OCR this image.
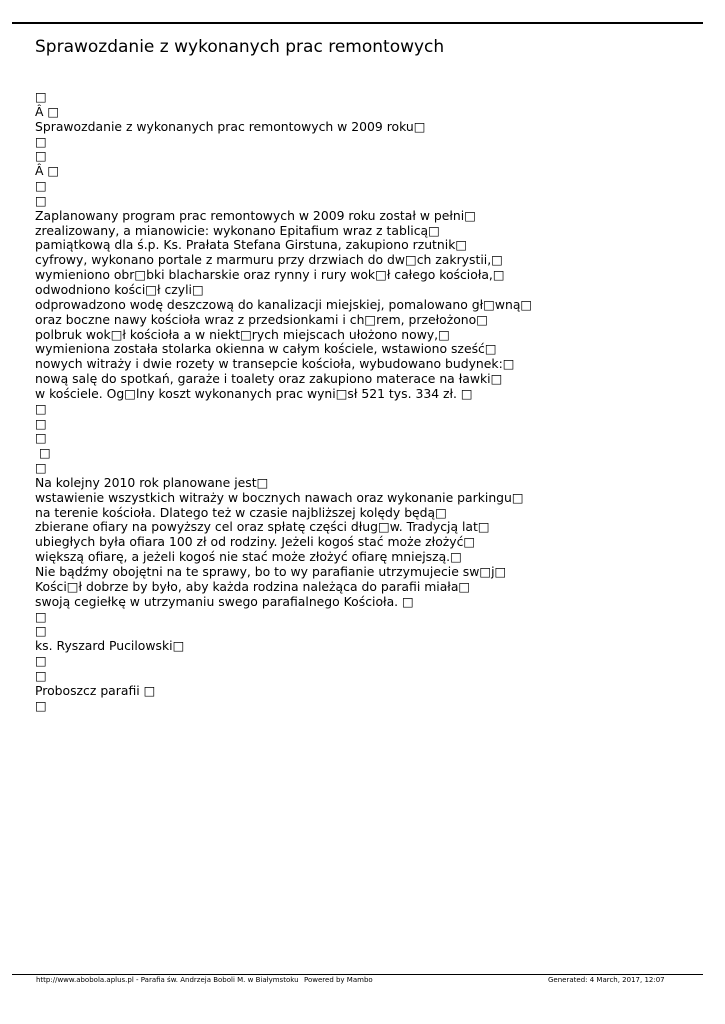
Sprawozdanie z wykonanych prac remontowych
□
Â □
Sprawozdanie z wykonanych prac remontowych w 2009 roku□
□
□
Â □
□
□
Zaplanowany program prac remontowych w 2009 roku został w pełni□
zrealizowany, a mianowicie: wykonano Epitafium wraz z tablicą□
pamiątkową dla ś.p. Ks. Prałata Stefana Girstuna, zakupiono rzutnik□
cyfrowy, wykonano portale z marmuru przy drzwiach do dw□ch zakrystii,□
wymieniono obr□bki blacharskie oraz rynny i rury wok□ł całego kościoła,□
odwodniono kości□ł czyli□
odprowadzono wodę deszczową do kanalizacji miejskiej, pomalowano gł□wną□
oraz boczne nawy kościoła wraz z przedsionkami i ch□rem, przełożono□
polbruk wok□ł kościoła a w niekt□rych miejscach ułożono nowy,□
wymieniona została stolarka okienna w całym kościele, wstawiono sześć□
nowych witraży i dwie rozety w transepcie kościoła, wybudowano budynek:□
nową salę do spotkań, garaże i toalety oraz zakupiono materace na ławki□
w kościele. Og□lny koszt wykonanych prac wyni□sł 521 tys. 334 zł. □
□
□
□
□
□
Na kolejny 2010 rok planowane jest□
wstawienie wszystkich witraży w bocznych nawach oraz wykonanie parkingu□
na terenie kościoła. Dlatego też w czasie najbliższej kolędy będą□
zbierane ofiary na powyższy cel oraz spłatę części dług□w. Tradycją lat□
ubiegłych była ofiara 100 zł od rodziny. Jeżeli kogoś stać może złożyć□
większą ofiarę, a jeżeli kogoś nie stać może złożyć ofiarę mniejszą.□
Nie bądźmy obojętni na te sprawy, bo to wy parafianie utrzymujecie sw□j□
Kości□ł dobrze by było, aby każda rodzina należąca do parafii miała□
swoją cegiełkę w utrzymaniu swego parafialnego Kościoła. □
□
□
ks. Ryszard Pucilowski□
□
□
Proboszcz parafii □
□
http://www.abobola.aplus.pl - Parafia św. Andrzeja Boboli M. w Białymstoku Powered by Mambo	Generated: 4 March, 2017, 12:07
